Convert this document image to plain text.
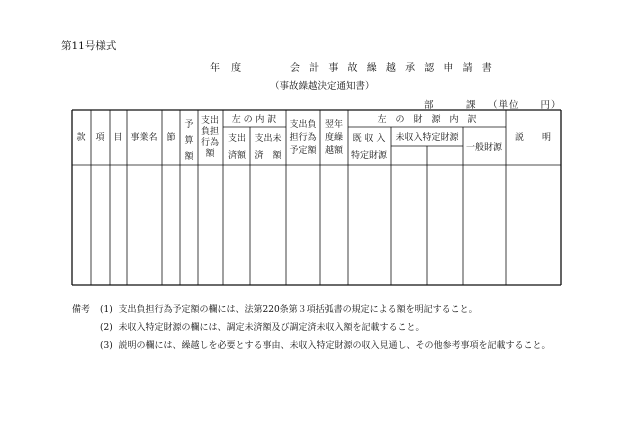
第11号様式
年 度	会 計 事 故 繰 越 承 認 申 請 書
（事故繰越決定通知書）
部	課 （単位　　円）
款 項 目 事業名 節
予
算
額
支出
負担
行為
額
左 の 内 訳
支出
済額
支出未
済　額
支出負
担行為
予定額
翌年
度繰
越額
左　の　財　源　内　訳
既 収 入
特定財源
未収入特定財源
一般財源
説　　明
備考 (1) 支出負担行為予定額の欄には、法第220条第３項括弧書の規定による額を明記すること。
(2) 未収入特定財源の欄には、調定未済額及び調定済未収入額を記載すること。
(3) 説明の欄には、繰越しを必要とする事由、未収入特定財源の収入見通し、その他参考事項を記載すること。
